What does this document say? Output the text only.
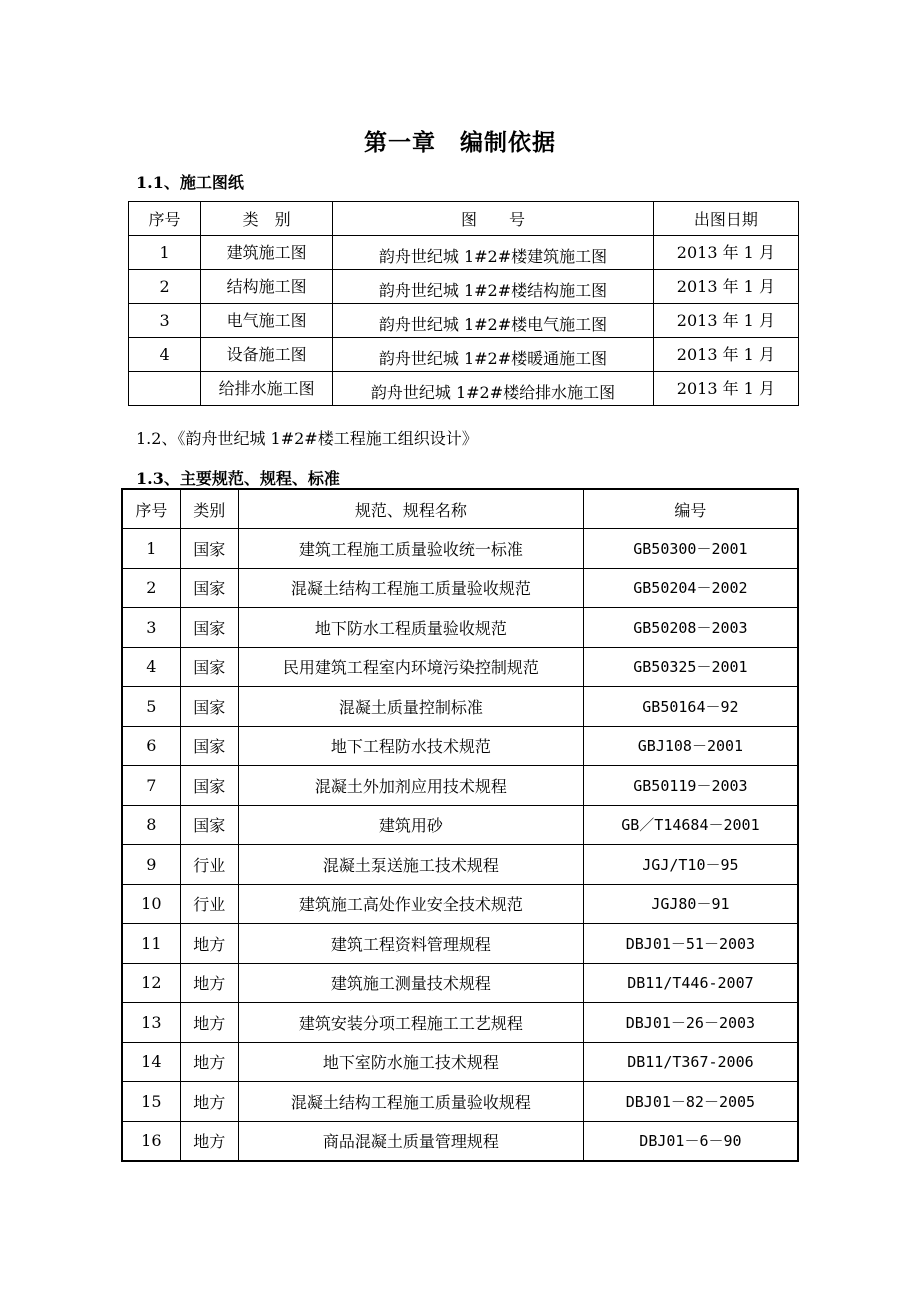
第一章　编制依据
1.1、施工图纸
序号	类　别	图　　号	出图日期
1	建筑施工图	韵舟世纪城 1#2#楼建筑施工图	2013 年 1 月
2	结构施工图	韵舟世纪城 1#2#楼结构施工图	2013 年 1 月
3	电气施工图	韵舟世纪城 1#2#楼电气施工图	2013 年 1 月
4	设备施工图	韵舟世纪城 1#2#楼暖通施工图	2013 年 1 月
	给排水施工图	韵舟世纪城 1#2#楼给排水施工图	2013 年 1 月
1.2、《韵舟世纪城 1#2#楼工程施工组织设计》
1.3、主要规范、规程、标准
序号	类别	规范、规程名称	编号
1	国家	建筑工程施工质量验收统一标准	GB50300－2001
2	国家	混凝土结构工程施工质量验收规范	GB50204－2002
3	国家	地下防水工程质量验收规范	GB50208－2003
4	国家	民用建筑工程室内环境污染控制规范	GB50325－2001
5	国家	混凝土质量控制标准	GB50164－92
6	国家	地下工程防水技术规范	GBJ108－2001
7	国家	混凝土外加剂应用技术规程	GB50119－2003
8	国家	建筑用砂	GB／T14684－2001
9	行业	混凝土泵送施工技术规程	JGJ/T10－95
10	行业	建筑施工高处作业安全技术规范	JGJ80－91
11	地方	建筑工程资料管理规程	DBJ01－51－2003
12	地方	建筑施工测量技术规程	DB11/T446-2007
13	地方	建筑安装分项工程施工工艺规程	DBJ01－26－2003
14	地方	地下室防水施工技术规程	DB11/T367-2006
15	地方	混凝土结构工程施工质量验收规程	DBJ01－82－2005
16	地方	商品混凝土质量管理规程	DBJ01－6－90
